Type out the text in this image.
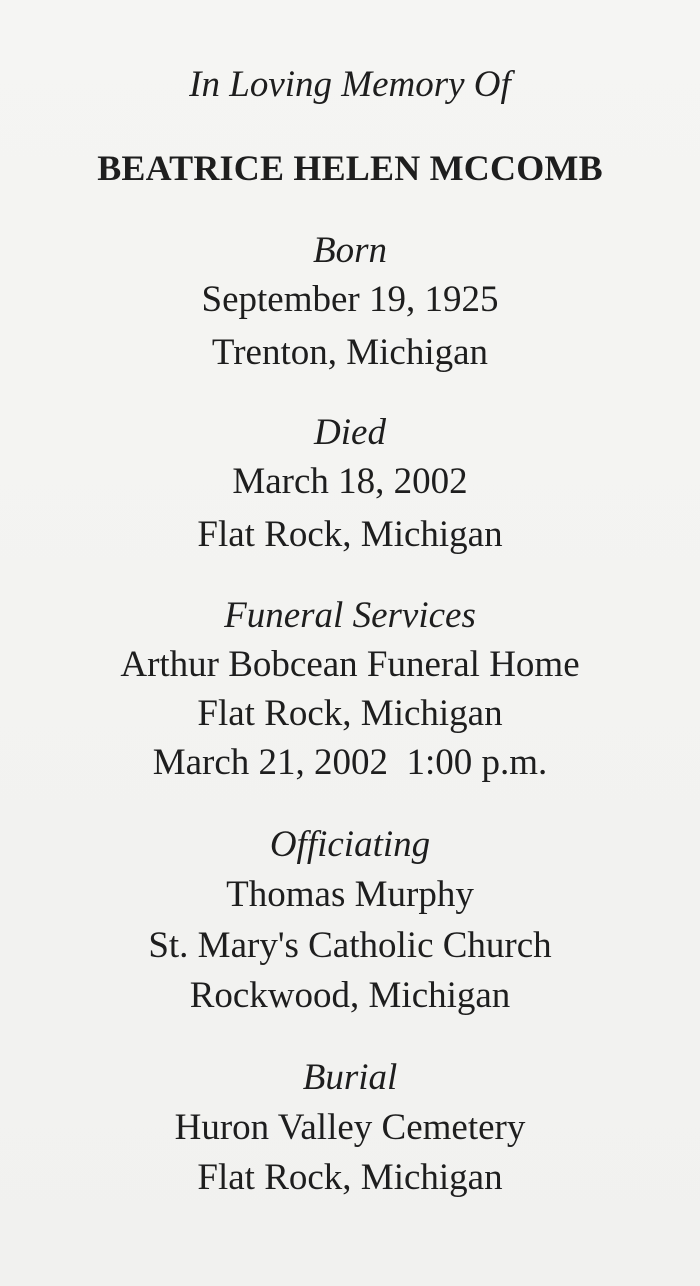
In Loving Memory Of
BEATRICE HELEN MCCOMB
Born
September 19, 1925
Trenton, Michigan
Died
March 18, 2002
Flat Rock, Michigan
Funeral Services
Arthur Bobcean Funeral Home
Flat Rock, Michigan
March 21, 2002  1:00 p.m.
Officiating
Thomas Murphy
St. Mary's Catholic Church
Rockwood, Michigan
Burial
Huron Valley Cemetery
Flat Rock, Michigan
